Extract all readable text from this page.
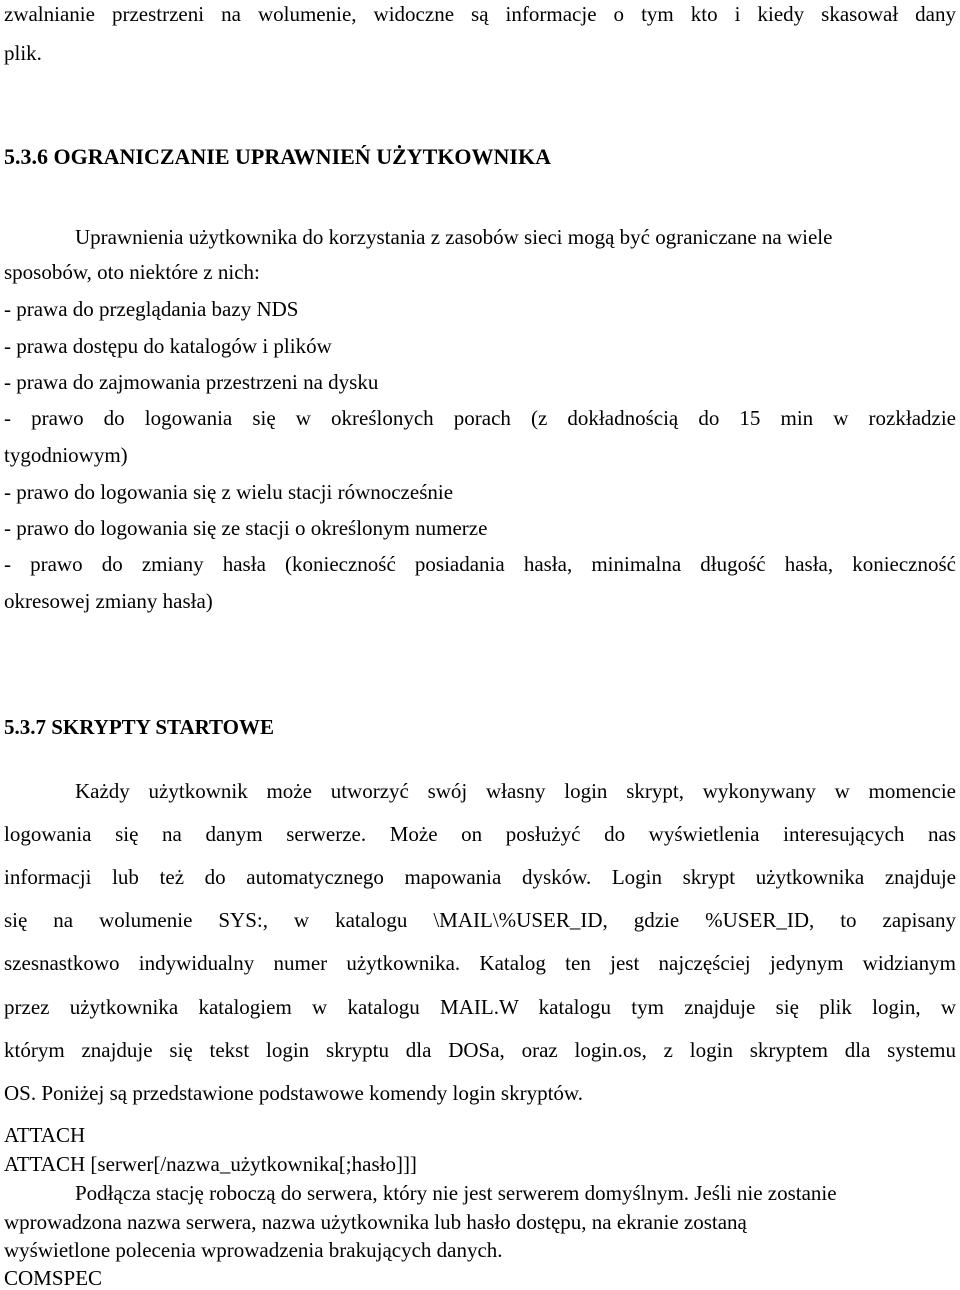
zwalnianie przestrzeni na wolumenie, widoczne są informacje o tym kto i kiedy skasował dany
plik.
5.3.6 OGRANICZANIE UPRAWNIEŃ UŻYTKOWNIKA
Uprawnienia użytkownika do korzystania z zasobów sieci mogą być ograniczane na wiele
sposobów, oto niektóre z nich:
- prawa do przeglądania bazy NDS
- prawa dostępu do katalogów i plików
- prawa do zajmowania przestrzeni na dysku
- prawo do logowania się w określonych porach (z dokładnością do 15 min w rozkładzie
tygodniowym)
- prawo do logowania się z wielu stacji równocześnie
- prawo do logowania się ze stacji o określonym numerze
- prawo do zmiany hasła (konieczność posiadania hasła, minimalna długość hasła, konieczność
okresowej zmiany hasła)
5.3.7 SKRYPTY STARTOWE
Każdy użytkownik może utworzyć swój własny login skrypt, wykonywany w momencie
logowania się na danym serwerze. Może on posłużyć do wyświetlenia interesujących nas
informacji lub też do automatycznego mapowania dysków. Login skrypt użytkownika znajduje
się na wolumenie SYS:, w katalogu \MAIL\%USER_ID, gdzie %USER_ID, to zapisany
szesnastkowo indywidualny numer użytkownika. Katalog ten jest najczęściej jedynym widzianym
przez użytkownika katalogiem w katalogu MAIL.W katalogu tym znajduje się plik login, w
którym znajduje się tekst login skryptu dla DOSa, oraz login.os, z login skryptem dla systemu
OS. Poniżej są przedstawione podstawowe komendy login skryptów.
ATTACH
ATTACH [serwer[/nazwa_użytkownika[;hasło]]]
Podłącza stację roboczą do serwera, który nie jest serwerem domyślnym. Jeśli nie zostanie
wprowadzona nazwa serwera, nazwa użytkownika lub hasło dostępu, na ekranie zostaną
wyświetlone polecenia wprowadzenia brakujących danych.
COMSPEC
